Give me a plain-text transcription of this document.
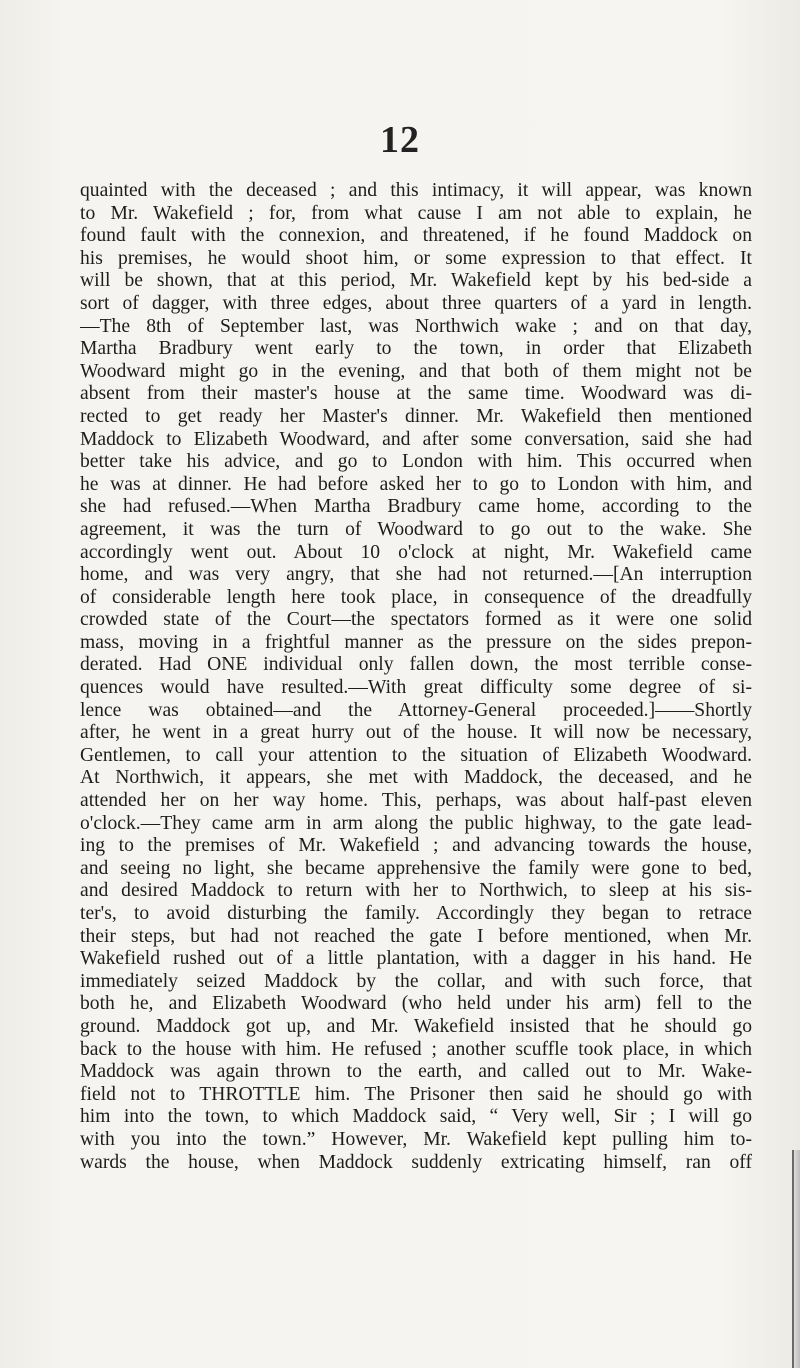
12
quainted with the deceased ; and this intimacy, it will appear, was known
to Mr. Wakefield ; for, from what cause I am not able to explain, he
found fault with the connexion, and threatened, if he found Maddock on
his premises, he would shoot him, or some expression to that effect. It
will be shown, that at this period, Mr. Wakefield kept by his bed-side a
sort of dagger, with three edges, about three quarters of a yard in length.
—The 8th of September last, was Northwich wake ; and on that day,
Martha Bradbury went early to the town, in order that Elizabeth
Woodward might go in the evening, and that both of them might not be
absent from their master's house at the same time. Woodward was di-
rected to get ready her Master's dinner. Mr. Wakefield then mentioned
Maddock to Elizabeth Woodward, and after some conversation, said she had
better take his advice, and go to London with him. This occurred when
he was at dinner. He had before asked her to go to London with him, and
she had refused.—When Martha Bradbury came home, according to the
agreement, it was the turn of Woodward to go out to the wake. She
accordingly went out. About 10 o'clock at night, Mr. Wakefield came
home, and was very angry, that she had not returned.—[An interruption
of considerable length here took place, in consequence of the dreadfully
crowded state of the Court—the spectators formed as it were one solid
mass, moving in a frightful manner as the pressure on the sides prepon-
derated. Had ONE individual only fallen down, the most terrible conse-
quences would have resulted.—With great difficulty some degree of si-
lence was obtained—and the Attorney-General proceeded.]——Shortly
after, he went in a great hurry out of the house. It will now be necessary,
Gentlemen, to call your attention to the situation of Elizabeth Woodward.
At Northwich, it appears, she met with Maddock, the deceased, and he
attended her on her way home. This, perhaps, was about half-past eleven
o'clock.—They came arm in arm along the public highway, to the gate lead-
ing to the premises of Mr. Wakefield ; and advancing towards the house,
and seeing no light, she became apprehensive the family were gone to bed,
and desired Maddock to return with her to Northwich, to sleep at his sis-
ter's, to avoid disturbing the family. Accordingly they began to retrace
their steps, but had not reached the gate I before mentioned, when Mr.
Wakefield rushed out of a little plantation, with a dagger in his hand. He
immediately seized Maddock by the collar, and with such force, that
both he, and Elizabeth Woodward (who held under his arm) fell to the
ground. Maddock got up, and Mr. Wakefield insisted that he should go
back to the house with him. He refused ; another scuffle took place, in which
Maddock was again thrown to the earth, and called out to Mr. Wake-
field not to THROTTLE him. The Prisoner then said he should go with
him into the town, to which Maddock said, “ Very well, Sir ; I will go
with you into the town.” However, Mr. Wakefield kept pulling him to-
wards the house, when Maddock suddenly extricating himself, ran off
